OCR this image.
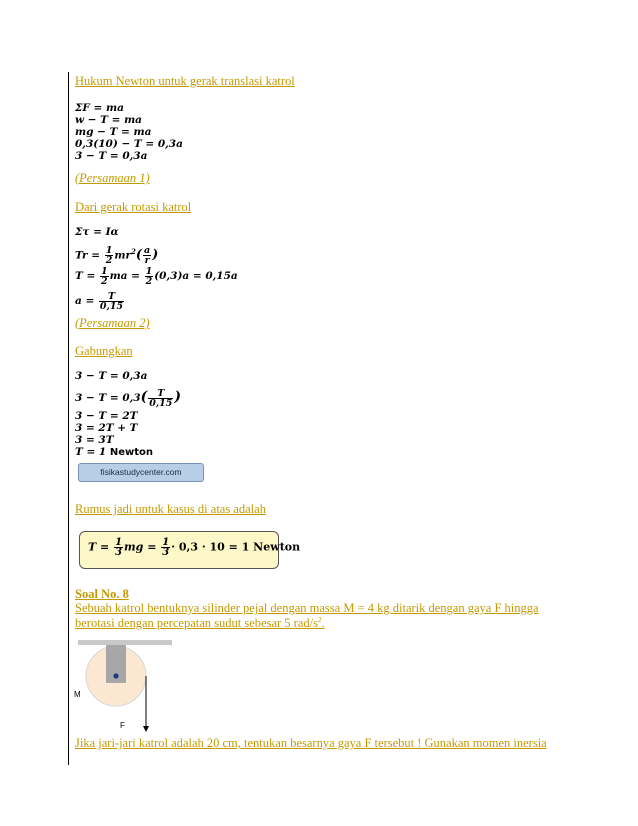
Hukum Newton untuk gerak translasi katrol
ΣF = ma
w − T = ma
mg − T = ma
0,3(10) − T = 0,3a
3 − T = 0,3a
(Persamaan 1)
Dari gerak rotasi katrol
Στ = Iα
$Tr = \frac{1}{2} mr^2( \frac{a}{r}$ )
$T = \frac{1}{2}$ ma = $\frac{1}{2} (0,3)a = 0,15a$
$a = \frac{T}{0,15}$
(Persamaan 2)
Gabungkan
3 − T = 0,3a
$3 - T = 0,3( \frac{T}{0,15}$ )
3 − T = 2T
3 = 2T + T
3 = 3T
T = 1 Newton
fisikastudycenter.com
Rumus jadi untuk kasus di atas adalah
$T = \frac{1}{3}$ mg = $\frac{1}{3} \cdot 0,3 \cdot 10 = 1$ Newton
Soal No. 8
Sebuah katrol bentuknya silinder pejal dengan massa M = 4 kg ditarik dengan gaya F hingga
berotasi dengan percepatan sudut sebesar 5 rad/$s^2$.
M
F
Jika jari-jari katrol adalah 20 cm, tentukan besarnya gaya F tersebut ! Gunakan momen inersia
